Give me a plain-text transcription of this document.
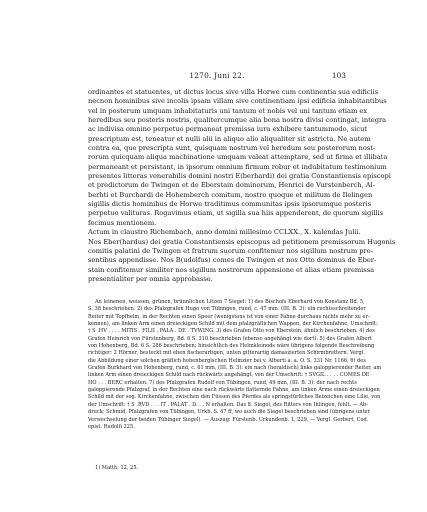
1270. Juni 22.	103
ordinantes et statuentes, ut dictus locus sive villa Horwe cum continentia sua edificiis
necnon hominibus sive incolis ipsam villam sive continentiam ipsi edificia inhabitantibus
vel in posterum umquam inhabitaturis uni tantum et nobis vel uni tantum etiam ex
heredibus seu posteris nostris, qualitercumque alia bona nostra divisi contingat, integra
ac indivisa omnino perpetuo permaneat premissa iura exhibere tantummodo, sicut
prescriptum est, teneatur et nulli alii in aliquo alio aliqualiter sit astricta. Ne autem
contra ea, que prescripta sunt, quisquam nostrum vel heredum seu posterorum nost-
rorum quicquam aliqua machinatione umquam valeat attemptare, sed ut firma et illibata
permaneant et persistant, in ipsorum omnium firmum robur et indubitatum testimonium
presentes litteras venerabilis domini nostri E(berhardi) dei gratia Constantiensis episcopi
et predictorum de Twingen et de Eberstain dominorum, Henrici de Vurstenberch, Al-
berhti et Burchardi de Hohemberch comitum, nostro quoque et militum de Ilelingen
sigillis dictis hominibus de Horwe traditimus communitas ipsis ipsorumque posteris
perpetuo valituras. Rogavimus etiam, ut sigilla sua hiis appenderent, de quorum sigillis
fecimus mentionem.
Actum in claustro Richembach, anno domini millesimo CCLXX., X. kalendas Julii.
Nos Eber(hardus) dei gratia Constantiensis episcopus ad petitionem premissorum Hugonis
comitis palatini de Twingen et fratrum suorum confitemur nos sigillum nostrum pre-
sentibus appendisse. Nos B(udolfus) comes de Twingen et nos Otto dominus de Eber-
stain confitemur similiter nos sigillum nostrorum appensione et alias etiam premissa
presentialiter per omnia approbasse.
An leinenen, weissen, grünen, brünnlichen Litzen 7 Siegel: 1) des Bischofs Eberhard von Konstanz Bd. 5,
S. 38 beschrieben. 2) des Pfalzgrafen Hugo von Tübingen, rund, c. 47 mm. (III. B. 3): ein rechtsschreitender
Reiter mit Topfhelm, in der Rechten einen Speer (wenigstens ist von einer Fahne durchaus nichts mehr zu er-
kennen), am linken Arm einen dreieckigen Schild mit dem pfalzgräflichen Wappen, der Kirchenfahne, Umschrift:
† S .HV . . . . MITIS . FILII . PALA . DE . TVWING. 3) des Grafen Otto von Eberstein, ähnlich beschrieben. 4) des
Grafen Heinrich von Fürstenberg, Bd. 6 S. 310 beschrieben (ebenso angehängt wie dort). 5) des Grafen Albert
von Hohenberg, Bd. 6 S. 286 beschrieben; hinsichtlich des Helmkleinods wäre übrigens folgende Beschreibung
richtiger: 2 Hörner, besteckt mit eben fischerartigen, unten gitterartig damaszierten Schirmbrettern. Vergl.
die Abbildung einer solchen gräflich hohenbergischen Helmzier bei v. Alberti a. a. O. S. 331 Nr. 1166. 6) des
Grafen Burkhard von Hohenberg, rund, c. 61 mm, (III. B. 3): ein nach (heraldisch) links galoppierender Reiter, am
linken Arm einen dreieckigen Schild nach rückwärts angehängt, von der Umschrift: † SVGIL . . . . COMES DE
HO . . . BERC erhalten. 7) des Pfalzgrafen Rudolf von Tübingen, rund, 49 mm, (III. B. 3): der nach rechts
galoppierende Pfalzgraf, in der Rechten eine nach rückwärts flatternde Fahne, am linken Arme einen dreieckigen
Schild mit der sog. Kirchenfahne, zwischen den Füssen des Pferdes als springstürliches Beizeichen eine Lilie, von
der Umschrift: † S .RVD . . . IT . PALAT . D. . . N erhalten. Das 8. Siegel, des Ritters von Ihlingen, fehlt. — Ab-
druck: Schmid, Pfalzgrafen von Tübingen, Urkb. S. 47 ff, wo auch die Siegel beschrieben sind (übrigens unter
Verwechselung der beiden Tübinger Siegel). — Auszug: Fürstenb. Urkundenb. 1, 229. — Vergl. Gerbert, Cod.
epist. Rudolfi 225.
1) Matth. 12, 25.
